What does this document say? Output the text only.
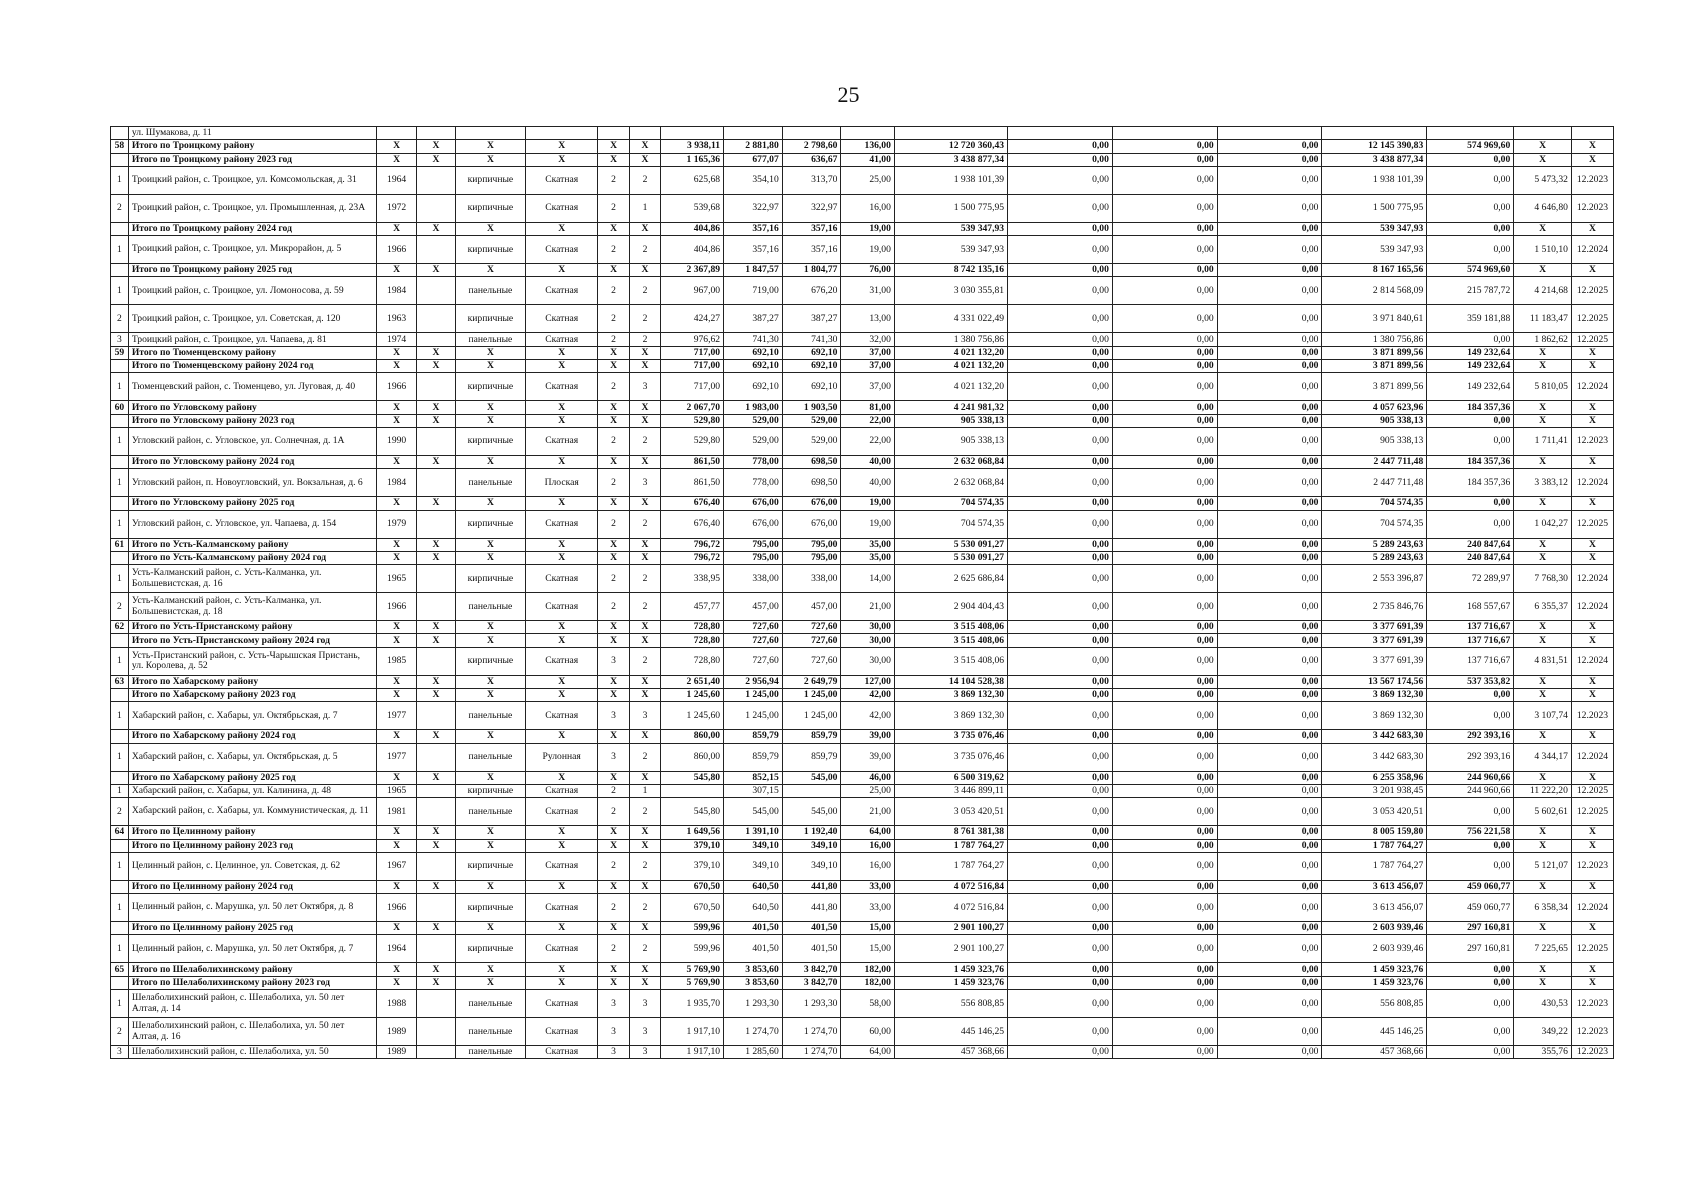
25
	ул. Шумакова, д. 11																		
58	Итого по Троицкому району	X	X	X	X	X	X	3 938,11	2 881,80	2 798,60	136,00	12 720 360,43	0,00	0,00	0,00	12 145 390,83	574 969,60	X	X
	Итого по Троицкому району 2023 год	X	X	X	X	X	X	1 165,36	677,07	636,67	41,00	3 438 877,34	0,00	0,00	0,00	3 438 877,34	0,00	X	X
1	Троицкий район, с. Троицкое, ул. Комсомольская, д. 31	1964		кирпичные	Скатная	2	2	625,68	354,10	313,70	25,00	1 938 101,39	0,00	0,00	0,00	1 938 101,39	0,00	5 473,32	12.2023
2	Троицкий район, с. Троицкое, ул. Промышленная, д. 23А	1972		кирпичные	Скатная	2	1	539,68	322,97	322,97	16,00	1 500 775,95	0,00	0,00	0,00	1 500 775,95	0,00	4 646,80	12.2023
	Итого по Троицкому району 2024 год	X	X	X	X	X	X	404,86	357,16	357,16	19,00	539 347,93	0,00	0,00	0,00	539 347,93	0,00	X	X
1	Троицкий район, с. Троицкое, ул. Микрорайон, д. 5	1966		кирпичные	Скатная	2	2	404,86	357,16	357,16	19,00	539 347,93	0,00	0,00	0,00	539 347,93	0,00	1 510,10	12.2024
	Итого по Троицкому району 2025 год	X	X	X	X	X	X	2 367,89	1 847,57	1 804,77	76,00	8 742 135,16	0,00	0,00	0,00	8 167 165,56	574 969,60	X	X
1	Троицкий район, с. Троицкое, ул. Ломоносова, д. 59	1984		панельные	Скатная	2	2	967,00	719,00	676,20	31,00	3 030 355,81	0,00	0,00	0,00	2 814 568,09	215 787,72	4 214,68	12.2025
2	Троицкий район, с. Троицкое, ул. Советская, д. 120	1963		кирпичные	Скатная	2	2	424,27	387,27	387,27	13,00	4 331 022,49	0,00	0,00	0,00	3 971 840,61	359 181,88	11 183,47	12.2025
3	Троицкий район, с. Троицкое, ул. Чапаева, д. 81	1974		панельные	Скатная	2	2	976,62	741,30	741,30	32,00	1 380 756,86	0,00	0,00	0,00	1 380 756,86	0,00	1 862,62	12.2025
59	Итого по Тюменцевскому району	X	X	X	X	X	X	717,00	692,10	692,10	37,00	4 021 132,20	0,00	0,00	0,00	3 871 899,56	149 232,64	X	X
	Итого по Тюменцевскому району 2024 год	X	X	X	X	X	X	717,00	692,10	692,10	37,00	4 021 132,20	0,00	0,00	0,00	3 871 899,56	149 232,64	X	X
1	Тюменцевский район, с. Тюменцево, ул. Луговая, д. 40	1966		кирпичные	Скатная	2	3	717,00	692,10	692,10	37,00	4 021 132,20	0,00	0,00	0,00	3 871 899,56	149 232,64	5 810,05	12.2024
60	Итого по Угловскому району	X	X	X	X	X	X	2 067,70	1 983,00	1 903,50	81,00	4 241 981,32	0,00	0,00	0,00	4 057 623,96	184 357,36	X	X
	Итого по Угловскому району 2023 год	X	X	X	X	X	X	529,80	529,00	529,00	22,00	905 338,13	0,00	0,00	0,00	905 338,13	0,00	X	X
1	Угловский район, с. Угловское, ул. Солнечная, д. 1А	1990		кирпичные	Скатная	2	2	529,80	529,00	529,00	22,00	905 338,13	0,00	0,00	0,00	905 338,13	0,00	1 711,41	12.2023
	Итого по Угловскому району 2024 год	X	X	X	X	X	X	861,50	778,00	698,50	40,00	2 632 068,84	0,00	0,00	0,00	2 447 711,48	184 357,36	X	X
1	Угловский район, п. Новоугловский, ул. Вокзальная, д. 6	1984		панельные	Плоская	2	3	861,50	778,00	698,50	40,00	2 632 068,84	0,00	0,00	0,00	2 447 711,48	184 357,36	3 383,12	12.2024
	Итого по Угловскому району 2025 год	X	X	X	X	X	X	676,40	676,00	676,00	19,00	704 574,35	0,00	0,00	0,00	704 574,35	0,00	X	X
1	Угловский район, с. Угловское, ул. Чапаева, д. 154	1979		кирпичные	Скатная	2	2	676,40	676,00	676,00	19,00	704 574,35	0,00	0,00	0,00	704 574,35	0,00	1 042,27	12.2025
61	Итого по Усть-Калманскому району	X	X	X	X	X	X	796,72	795,00	795,00	35,00	5 530 091,27	0,00	0,00	0,00	5 289 243,63	240 847,64	X	X
	Итого по Усть-Калманскому району 2024 год	X	X	X	X	X	X	796,72	795,00	795,00	35,00	5 530 091,27	0,00	0,00	0,00	5 289 243,63	240 847,64	X	X
1	Усть-Калманский район, с. Усть-Калманка, ул. Большевистская, д. 16	1965		кирпичные	Скатная	2	2	338,95	338,00	338,00	14,00	2 625 686,84	0,00	0,00	0,00	2 553 396,87	72 289,97	7 768,30	12.2024
2	Усть-Калманский район, с. Усть-Калманка, ул. Большевистская, д. 18	1966		панельные	Скатная	2	2	457,77	457,00	457,00	21,00	2 904 404,43	0,00	0,00	0,00	2 735 846,76	168 557,67	6 355,37	12.2024
62	Итого по Усть-Пристанскому району	X	X	X	X	X	X	728,80	727,60	727,60	30,00	3 515 408,06	0,00	0,00	0,00	3 377 691,39	137 716,67	X	X
	Итого по Усть-Пристанскому району 2024 год	X	X	X	X	X	X	728,80	727,60	727,60	30,00	3 515 408,06	0,00	0,00	0,00	3 377 691,39	137 716,67	X	X
1	Усть-Пристанский район, с. Усть-Чарышская Пристань, ул. Королева, д. 52	1985		кирпичные	Скатная	3	2	728,80	727,60	727,60	30,00	3 515 408,06	0,00	0,00	0,00	3 377 691,39	137 716,67	4 831,51	12.2024
63	Итого по Хабарскому району	X	X	X	X	X	X	2 651,40	2 956,94	2 649,79	127,00	14 104 528,38	0,00	0,00	0,00	13 567 174,56	537 353,82	X	X
	Итого по Хабарскому району 2023 год	X	X	X	X	X	X	1 245,60	1 245,00	1 245,00	42,00	3 869 132,30	0,00	0,00	0,00	3 869 132,30	0,00	X	X
1	Хабарский район, с. Хабары, ул. Октябрьская, д. 7	1977		панельные	Скатная	3	3	1 245,60	1 245,00	1 245,00	42,00	3 869 132,30	0,00	0,00	0,00	3 869 132,30	0,00	3 107,74	12.2023
	Итого по Хабарскому району 2024 год	X	X	X	X	X	X	860,00	859,79	859,79	39,00	3 735 076,46	0,00	0,00	0,00	3 442 683,30	292 393,16	X	X
1	Хабарский район, с. Хабары, ул. Октябрьская, д. 5	1977		панельные	Рулонная	3	2	860,00	859,79	859,79	39,00	3 735 076,46	0,00	0,00	0,00	3 442 683,30	292 393,16	4 344,17	12.2024
	Итого по Хабарскому району 2025 год	X	X	X	X	X	X	545,80	852,15	545,00	46,00	6 500 319,62	0,00	0,00	0,00	6 255 358,96	244 960,66	X	X
1	Хабарский район, с. Хабары, ул. Калинина, д. 48	1965		кирпичные	Скатная	2	1		307,15		25,00	3 446 899,11	0,00	0,00	0,00	3 201 938,45	244 960,66	11 222,20	12.2025
2	Хабарский район, с. Хабары, ул. Коммунистическая, д. 11	1981		панельные	Скатная	2	2	545,80	545,00	545,00	21,00	3 053 420,51	0,00	0,00	0,00	3 053 420,51	0,00	5 602,61	12.2025
64	Итого по Целинному району	X	X	X	X	X	X	1 649,56	1 391,10	1 192,40	64,00	8 761 381,38	0,00	0,00	0,00	8 005 159,80	756 221,58	X	X
	Итого по Целинному району 2023 год	X	X	X	X	X	X	379,10	349,10	349,10	16,00	1 787 764,27	0,00	0,00	0,00	1 787 764,27	0,00	X	X
1	Целинный район, с. Целинное, ул. Советская, д. 62	1967		кирпичные	Скатная	2	2	379,10	349,10	349,10	16,00	1 787 764,27	0,00	0,00	0,00	1 787 764,27	0,00	5 121,07	12.2023
	Итого по Целинному району 2024 год	X	X	X	X	X	X	670,50	640,50	441,80	33,00	4 072 516,84	0,00	0,00	0,00	3 613 456,07	459 060,77	X	X
1	Целинный район, с. Марушка, ул. 50 лет Октября, д. 8	1966		кирпичные	Скатная	2	2	670,50	640,50	441,80	33,00	4 072 516,84	0,00	0,00	0,00	3 613 456,07	459 060,77	6 358,34	12.2024
	Итого по Целинному району 2025 год	X	X	X	X	X	X	599,96	401,50	401,50	15,00	2 901 100,27	0,00	0,00	0,00	2 603 939,46	297 160,81	X	X
1	Целинный район, с. Марушка, ул. 50 лет Октября, д. 7	1964		кирпичные	Скатная	2	2	599,96	401,50	401,50	15,00	2 901 100,27	0,00	0,00	0,00	2 603 939,46	297 160,81	7 225,65	12.2025
65	Итого по Шелаболихинскому району	X	X	X	X	X	X	5 769,90	3 853,60	3 842,70	182,00	1 459 323,76	0,00	0,00	0,00	1 459 323,76	0,00	X	X
	Итого по Шелаболихинскому району 2023 год	X	X	X	X	X	X	5 769,90	3 853,60	3 842,70	182,00	1 459 323,76	0,00	0,00	0,00	1 459 323,76	0,00	X	X
1	Шелаболихинский район, с. Шелаболиха, ул. 50 лет Алтая, д. 14	1988		панельные	Скатная	3	3	1 935,70	1 293,30	1 293,30	58,00	556 808,85	0,00	0,00	0,00	556 808,85	0,00	430,53	12.2023
2	Шелаболихинский район, с. Шелаболиха, ул. 50 лет Алтая, д. 16	1989		панельные	Скатная	3	3	1 917,10	1 274,70	1 274,70	60,00	445 146,25	0,00	0,00	0,00	445 146,25	0,00	349,22	12.2023
3	Шелаболихинский район, с. Шелаболиха, ул. 50	1989		панельные	Скатная	3	3	1 917,10	1 285,60	1 274,70	64,00	457 368,66	0,00	0,00	0,00	457 368,66	0,00	355,76	12.2023
